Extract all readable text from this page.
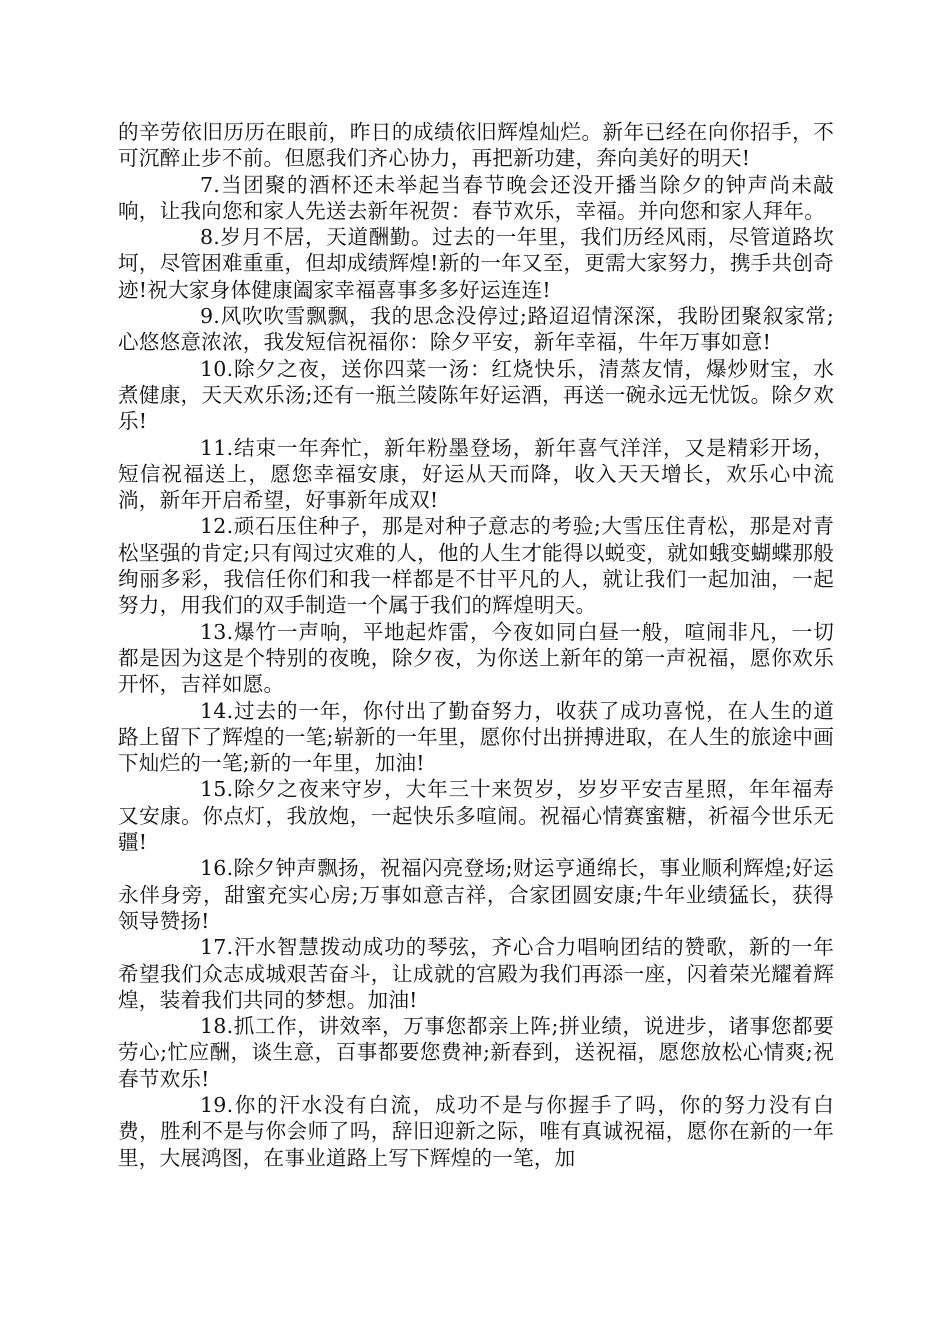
的辛劳依旧历历在眼前，昨日的成绩依旧辉煌灿烂。新年已经在向你招手，不可沉醉止步不前。但愿我们齐心协力，再把新功建，奔向美好的明天!

7.当团聚的酒杯还未举起当春节晚会还没开播当除夕的钟声尚未敲响，让我向您和家人先送去新年祝贺：春节欢乐，幸福。并向您和家人拜年。

8.岁月不居，天道酬勤。过去的一年里，我们历经风雨，尽管道路坎坷，尽管困难重重，但却成绩辉煌!新的一年又至，更需大家努力，携手共创奇迹!祝大家身体健康阖家幸福喜事多多好运连连!

9.风吹吹雪飘飘，我的思念没停过;路迢迢情深深，我盼团聚叙家常;心悠悠意浓浓，我发短信祝福你：除夕平安，新年幸福，牛年万事如意!

10.除夕之夜，送你四菜一汤：红烧快乐，清蒸友情，爆炒财宝，水煮健康，天天欢乐汤;还有一瓶兰陵陈年好运酒，再送一碗永远无忧饭。除夕欢乐!

11.结束一年奔忙，新年粉墨登场，新年喜气洋洋，又是精彩开场，短信祝福送上，愿您幸福安康，好运从天而降，收入天天增长，欢乐心中流淌，新年开启希望，好事新年成双!

12.顽石压住种子，那是对种子意志的考验;大雪压住青松，那是对青松坚强的肯定;只有闯过灾难的人，他的人生才能得以蜕变，就如蛾变蝴蝶那般绚丽多彩，我信任你们和我一样都是不甘平凡的人，就让我们一起加油，一起努力，用我们的双手制造一个属于我们的辉煌明天。

13.爆竹一声响，平地起炸雷，今夜如同白昼一般，喧闹非凡，一切都是因为这是个特别的夜晚，除夕夜，为你送上新年的第一声祝福，愿你欢乐开怀，吉祥如愿。

14.过去的一年，你付出了勤奋努力，收获了成功喜悦，在人生的道路上留下了辉煌的一笔;崭新的一年里，愿你付出拼搏进取，在人生的旅途中画下灿烂的一笔;新的一年里，加油!

15.除夕之夜来守岁，大年三十来贺岁，岁岁平安吉星照，年年福寿又安康。你点灯，我放炮，一起快乐多喧闹。祝福心情赛蜜糖，祈福今世乐无疆!

16.除夕钟声飘扬，祝福闪亮登场;财运亨通绵长，事业顺利辉煌;好运永伴身旁，甜蜜充实心房;万事如意吉祥，合家团圆安康;牛年业绩猛长，获得领导赞扬!

17.汗水智慧拨动成功的琴弦，齐心合力唱响团结的赞歌，新的一年希望我们众志成城艰苦奋斗，让成就的宫殿为我们再添一座，闪着荣光耀着辉煌，装着我们共同的梦想。加油!

18.抓工作，讲效率，万事您都亲上阵;拼业绩，说进步，诸事您都要劳心;忙应酬，谈生意，百事都要您费神;新春到，送祝福，愿您放松心情爽;祝春节欢乐!

19.你的汗水没有白流，成功不是与你握手了吗，你的努力没有白费，胜利不是与你会师了吗，辞旧迎新之际，唯有真诚祝福，愿你在新的一年里，大展鸿图，在事业道路上写下辉煌的一笔，加
